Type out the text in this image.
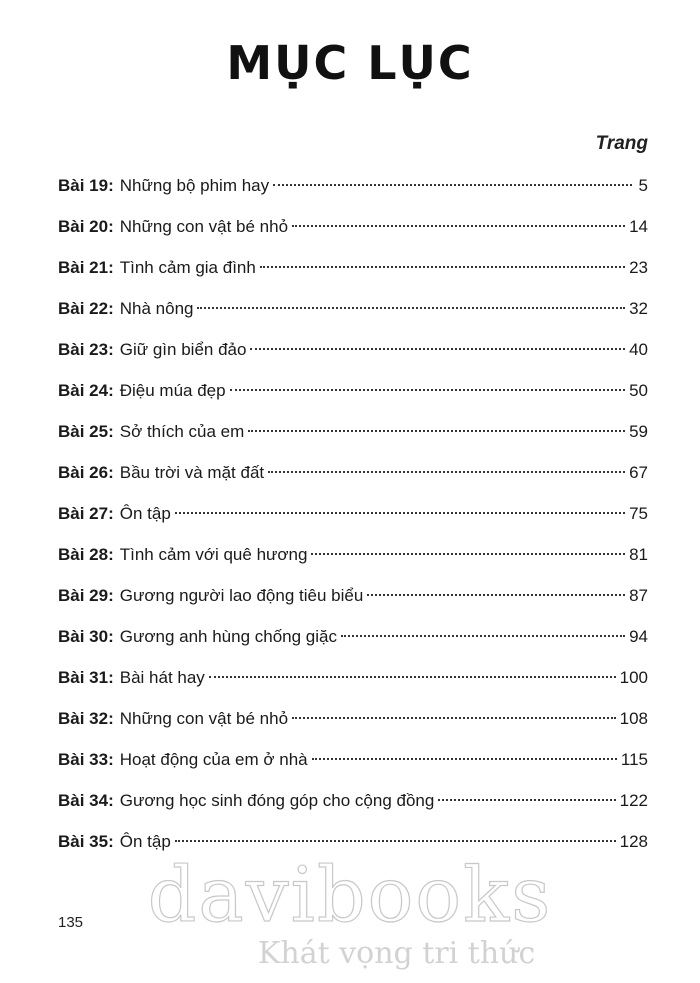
MỤC LỤC
Trang
Bài 19: Những bộ phim hay	5
Bài 20: Những con vật bé nhỏ	14
Bài 21: Tình cảm gia đình	23
Bài 22: Nhà nông	32
Bài 23: Giữ gìn biển đảo	40
Bài 24: Điệu múa đẹp	50
Bài 25: Sở thích của em	59
Bài 26: Bầu trời và mặt đất	67
Bài 27: Ôn tập	75
Bài 28: Tình cảm với quê hương	81
Bài 29: Gương người lao động tiêu biểu	87
Bài 30: Gương anh hùng chống giặc	94
Bài 31: Bài hát hay	100
Bài 32: Những con vật bé nhỏ	108
Bài 33: Hoạt động của em ở nhà	115
Bài 34: Gương học sinh đóng góp cho cộng đồng	122
Bài 35: Ôn tập	128
135 davibooks
Khát vọng tri thức
